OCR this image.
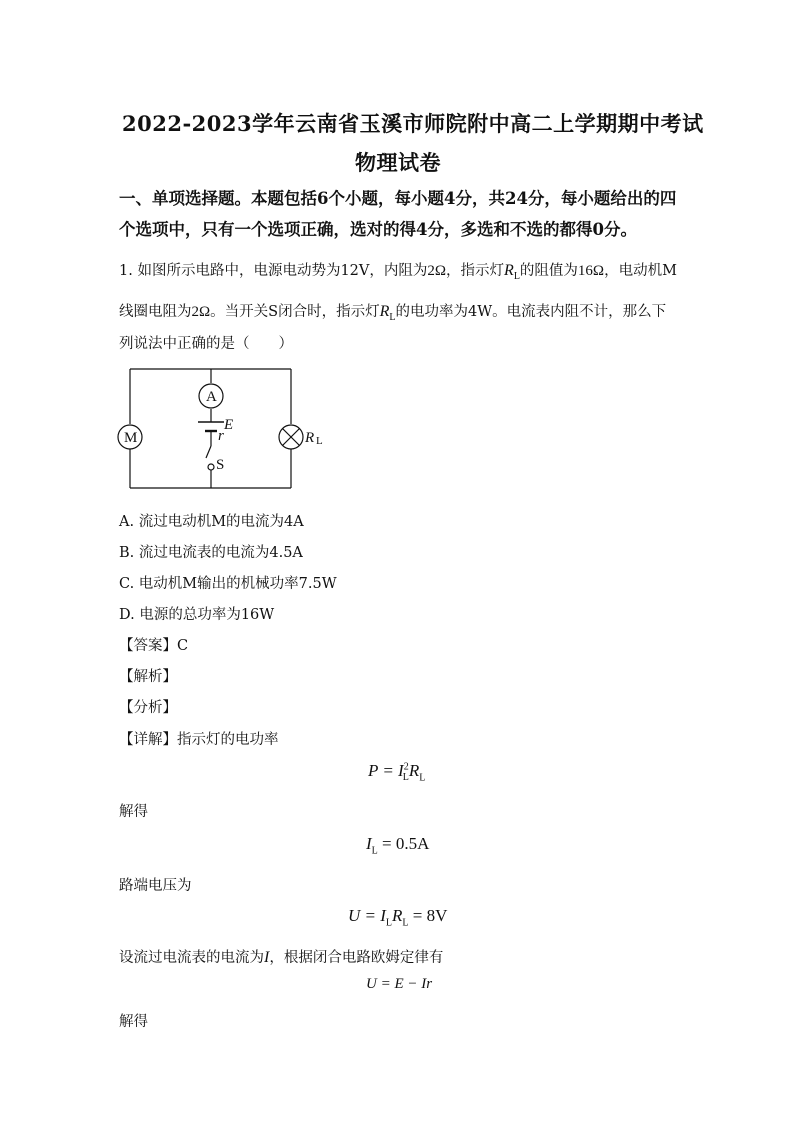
2022-2023学年云南省玉溪市师院附中高二上学期期中考试
物理试卷
一、单项选择题。本题包括6个小题，每小题4分，共24分，每小题给出的四
个选项中，只有一个选项正确，选对的得4分，多选和不选的都得0分。
1. 如图所示电路中，电源电动势为12V，内阻为2Ω，指示灯$R_L$的阻值为16Ω，电动机M
线圈电阻为2Ω。当开关S闭合时，指示灯$R_L$的电功率为4W。电流表内阻不计，那么下
列说法中正确的是（　　）
A
M
E
r
S
R L
A. 流过电动机M的电流为4A
B. 流过电流表的电流为4.5A
C. 电动机M输出的机械功率7.5W
D. 电源的总功率为16W
【答案】C
【解析】
【分析】
【详解】指示灯的电功率
$P = I^2_LR_L$
解得
$I_L = 0.5A$
路端电压为
$U = I_LR_L = 8V$
设流过电流表的电流为I，根据闭合电路欧姆定律有
U = E − Ir
解得
